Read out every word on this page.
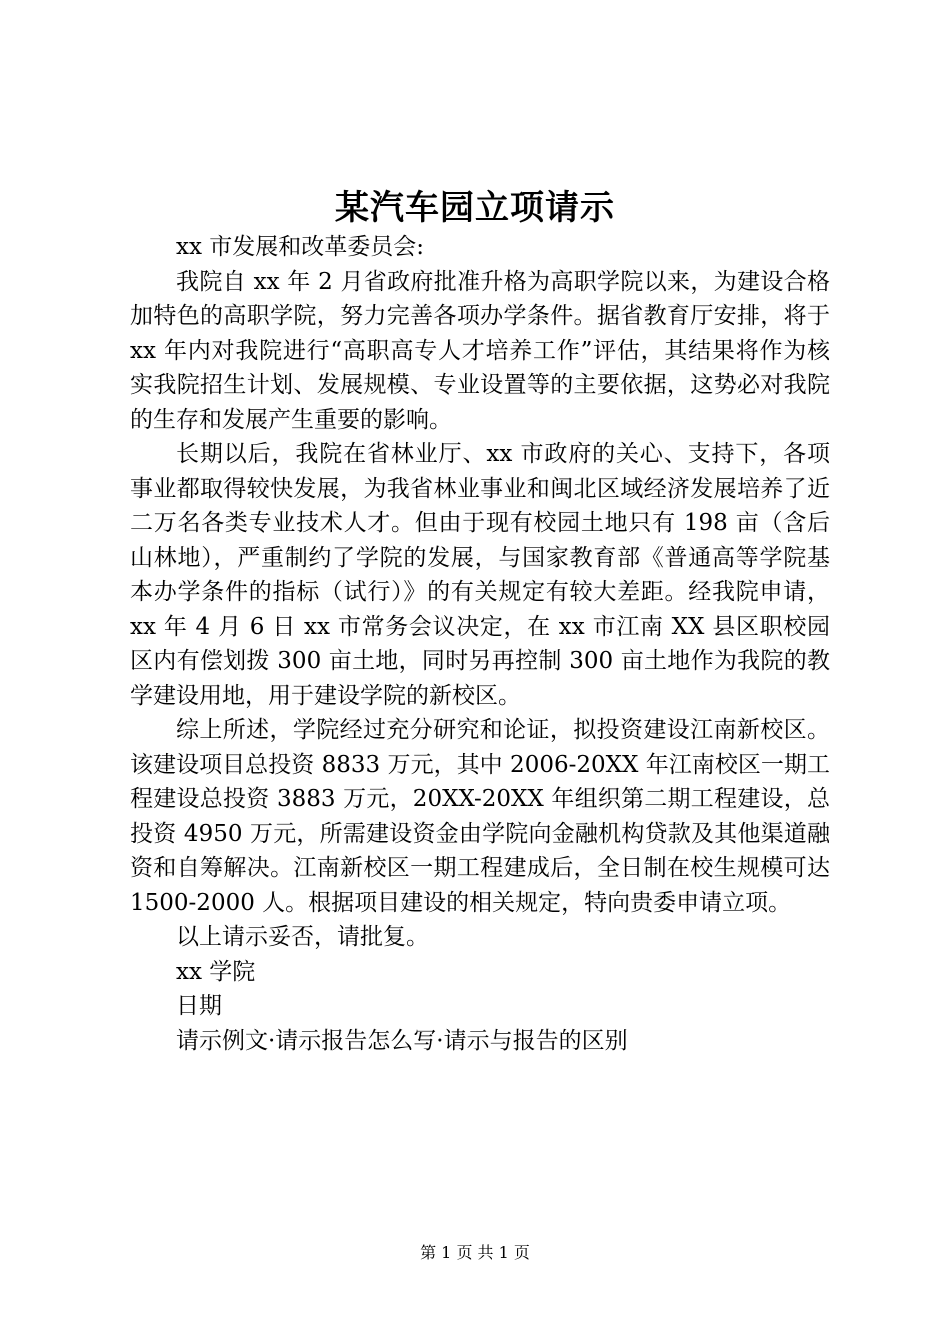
某汽车园立项请示

xx 市发展和改革委员会:

我院自 xx 年 2 月省政府批准升格为高职学院以来，为建设合格加特色的高职学院，努力完善各项办学条件。据省教育厅安排，将于 xx 年内对我院进行“高职高专人才培养工作”评估，其结果将作为核实我院招生计划、发展规模、专业设置等的主要依据，这势必对我院的生存和发展产生重要的影响。

长期以后，我院在省林业厅、xx 市政府的关心、支持下，各项事业都取得较快发展，为我省林业事业和闽北区域经济发展培养了近二万名各类专业技术人才。但由于现有校园土地只有 198 亩（含后山林地），严重制约了学院的发展，与国家教育部《普通高等学院基本办学条件的指标（试行）》的有关规定有较大差距。经我院申请，xx 年 4 月 6 日 xx 市常务会议决定，在 xx 市江南 XX 县区职校园区内有偿划拨 300 亩土地，同时另再控制 300 亩土地作为我院的教学建设用地，用于建设学院的新校区。

综上所述，学院经过充分研究和论证，拟投资建设江南新校区。该建设项目总投资 8833 万元，其中 2006-20XX 年江南校区一期工程建设总投资 3883 万元，20XX-20XX 年组织第二期工程建设，总投资 4950 万元，所需建设资金由学院向金融机构贷款及其他渠道融资和自筹解决。江南新校区一期工程建成后，全日制在校生规模可达 1500-2000 人。根据项目建设的相关规定，特向贵委申请立项。

以上请示妥否，请批复。

xx 学院

日期

请示例文·请示报告怎么写·请示与报告的区别

第 1 页 共 1 页
